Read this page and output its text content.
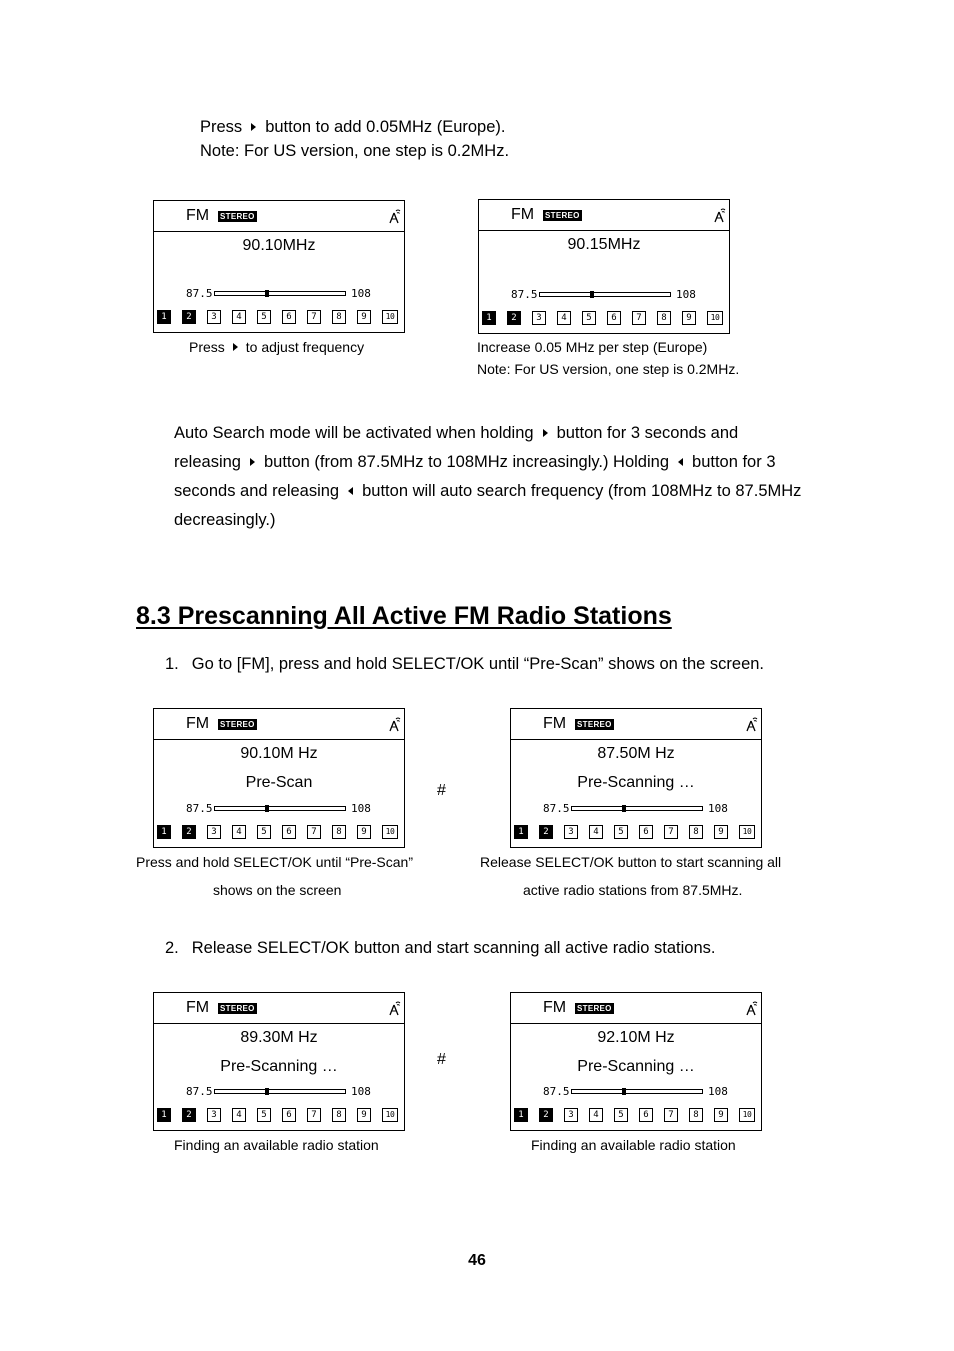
Press button to add 0.05MHz (Europe).
Note: For US version, one step is 0.2MHz.
FM STEREO
90.10MHz
87.5	108
1	2	3	4	5	6	7	8	9	10
FM STEREO
90.15MHz
87.5	108
1	2	3	4	5	6	7	8	9	10
FM STEREO
90.10M Hz
Pre-Scan
87.5	108
1	2	3	4	5	6	7	8	9	10
FM STEREO
87.50M Hz
Pre-Scanning …
87.5	108
1	2	3	4	5	6	7	8	9	10
FM STEREO
89.30M Hz
Pre-Scanning …
87.5	108
1	2	3	4	5	6	7	8	9	10
FM STEREO
92.10M Hz
Pre-Scanning …
87.5	108
1	2	3	4	5	6	7	8	9	10
Press to adjust frequency	Increase 0.05 MHz per step (Europe)
Note: For US version, one step is 0.2MHz.
Auto Search mode will be activated when holding button for 3 seconds and
releasing button (from 87.5MHz to 108MHz increasingly.) Holding button for 3
seconds and releasing button will auto search frequency (from 108MHz to 87.5MHz
decreasingly.)
8.3 Prescanning All Active FM Radio Stations
1. Go to [FM], press and hold SELECT/OK until “Pre-Scan” shows on the screen.
#
Press and hold SELECT/OK until “Pre-Scan”
shows on the screen
Release SELECT/OK button to start scanning all
active radio stations from 87.5MHz.
2. Release SELECT/OK button and start scanning all active radio stations.
#
Finding an available radio station	Finding an available radio station
46
